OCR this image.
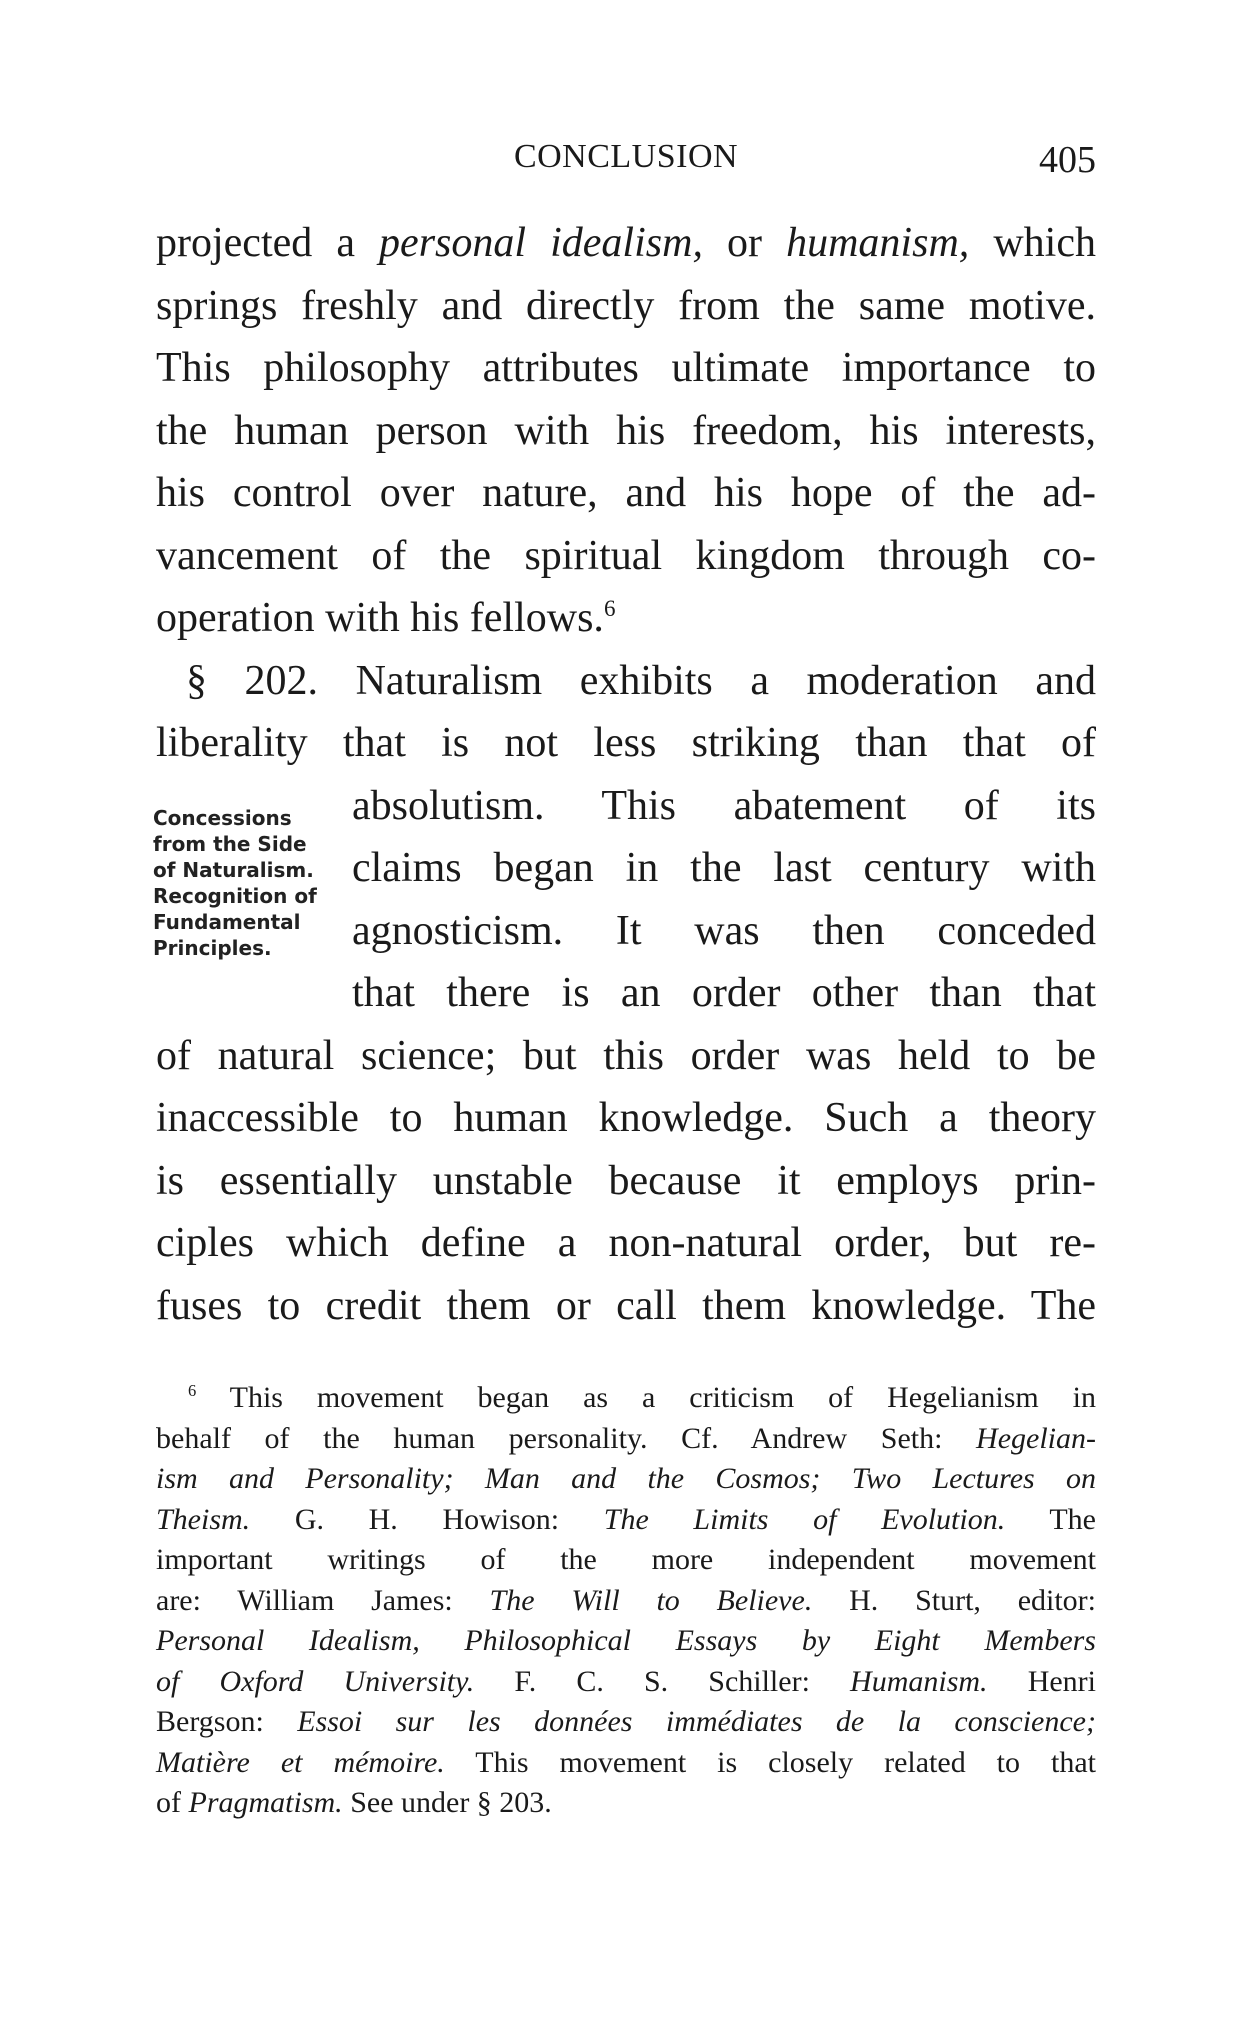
CONCLUSION	405
projected a personal idealism, or humanism, which
springs freshly and directly from the same motive.
This philosophy attributes ultimate importance to
the human person with his freedom, his interests,
his control over nature, and his hope of the ad-
vancement of the spiritual kingdom through co-
operation with his fellows.$^6$
§ 202. Naturalism exhibits a moderation and
liberality that is not less striking than that of
absolutism. This abatement of its
claims began in the last century with
agnosticism. It was then conceded
that there is an order other than that
of natural science; but this order was held to be
inaccessible to human knowledge. Such a theory
is essentially unstable because it employs prin-
ciples which define a non-natural order, but re-
fuses to credit them or call them knowledge. The
Concessions
from the Side
of Naturalism.
Recognition of
Fundamental
Principles.
$^6$ This movement began as a criticism of Hegelianism in
behalf of the human personality. Cf. Andrew Seth: Hegelian-
ism and Personality; Man and the Cosmos; Two Lectures on
Theism. G. H. Howison: The Limits of Evolution. The
important writings of the more independent movement
are: William James: The Will to Believe. H. Sturt, editor:
Personal Idealism, Philosophical Essays by Eight Members
of Oxford University. F. C. S. Schiller: Humanism. Henri
Bergson: Essoi sur les données immédiates de la conscience;
Matière et mémoire. This movement is closely related to that
of Pragmatism. See under § 203.
